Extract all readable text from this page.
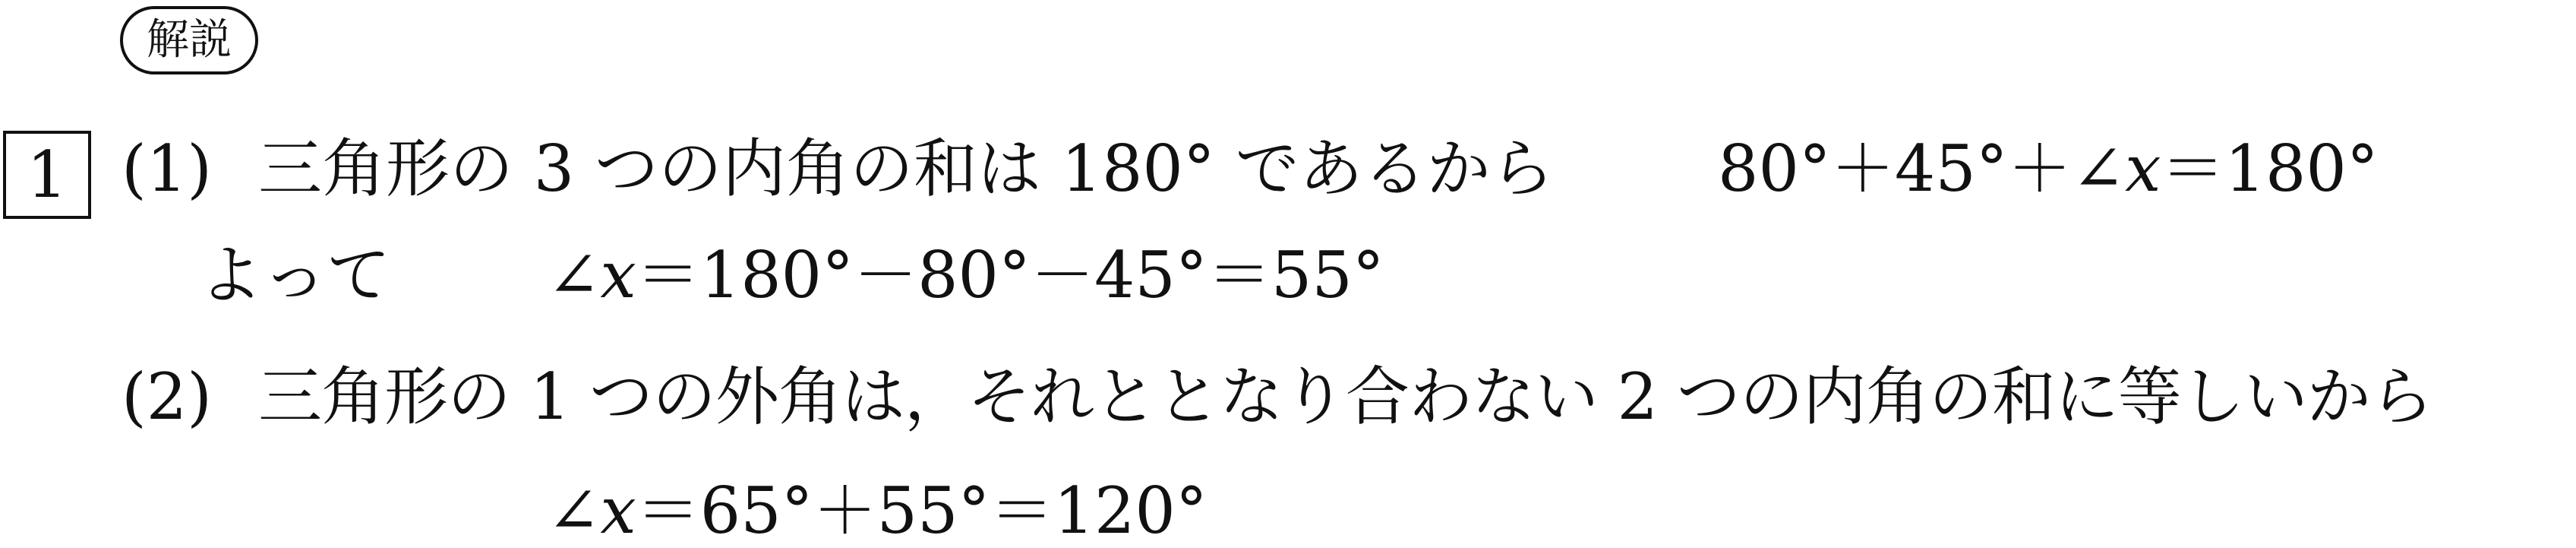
解説
1 (1) 三角形の 3 つの内角の和は 180° であるから	80°＋45°＋∠x＝180°
よって ∠x＝180°－80°－45°＝55°
(2) 三角形の 1 つの外角は，それととなり合わない 2 つの内角の和に等しいから
∠x＝65°＋55°＝120°
